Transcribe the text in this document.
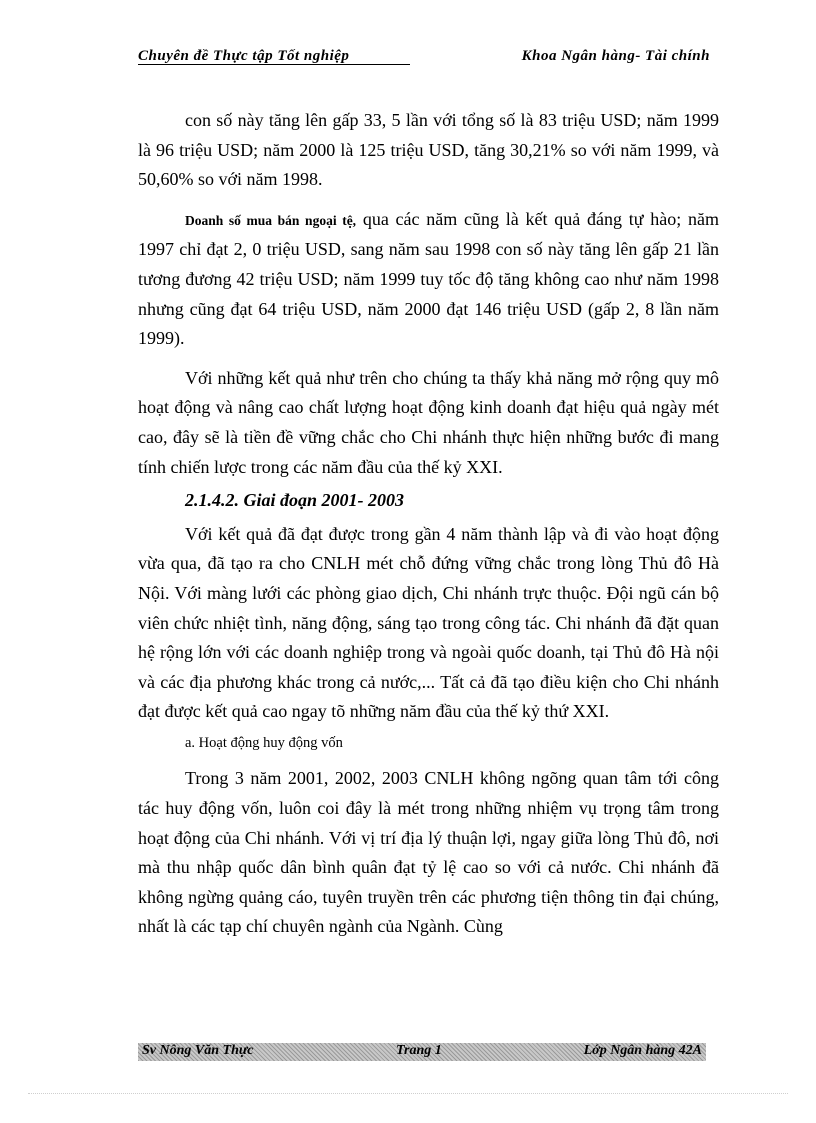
Chuyên đề Thực tập Tốt nghiệp	Khoa Ngân hàng- Tài chính

con số này tăng lên gấp 33, 5 lần với tổng số là 83 triệu USD; năm 1999 là 96 triệu USD; năm 2000 là 125 triệu USD, tăng 30,21% so với năm 1999, và 50,60% so với năm 1998.

Doanh số mua bán ngoại tệ, qua các năm cũng là kết quả đáng tự hào; năm 1997 chỉ đạt 2, 0 triệu USD, sang năm sau 1998 con số này tăng lên gấp 21 lần tương đương 42 triệu USD; năm 1999 tuy tốc độ tăng không cao như năm 1998 nhưng cũng đạt 64 triệu USD, năm 2000 đạt 146 triệu USD (gấp 2, 8 lần năm 1999).

Với những kết quả như trên cho chúng ta thấy khả năng mở rộng quy mô hoạt động và nâng cao chất lượng hoạt động kinh doanh đạt hiệu quả ngày mét cao, đây sẽ là tiền đề vững chắc cho Chi nhánh thực hiện những bước đi mang tính chiến lược trong các năm đầu của thế kỷ XXI.

2.1.4.2. Giai đoạn 2001- 2003

Với kết quả đã đạt được trong gần 4 năm thành lập và đi vào hoạt động vừa qua, đã tạo ra cho CNLH mét chỗ đứng vững chắc trong lòng Thủ đô Hà Nội. Với màng lưới các phòng giao dịch, Chi nhánh trực thuộc. Đội ngũ cán bộ viên chức nhiệt tình, năng động, sáng tạo trong công tác. Chi nhánh đã đặt quan hệ rộng lớn với các doanh nghiệp trong và ngoài quốc doanh, tại Thủ đô Hà nội và các địa phương khác trong cả nước,... Tất cả đã tạo điều kiện cho Chi nhánh đạt được kết quả cao ngay tõ những năm đầu của thế kỷ thứ XXI.

a. Hoạt động huy động vốn

Trong 3 năm 2001, 2002, 2003 CNLH không ngõng quan tâm tới công tác huy động vốn, luôn coi đây là mét trong những nhiệm vụ trọng tâm trong hoạt động của Chi nhánh. Với vị trí địa lý thuận lợi, ngay giữa lòng Thủ đô, nơi mà thu nhập quốc dân bình quân đạt tỷ lệ cao so với cả nước. Chi nhánh đã không ngừng quảng cáo, tuyên truyền trên các phương tiện thông tin đại chúng, nhất là các tạp chí chuyên ngành của Ngành. Cùng

Sv Nông Văn Thực	Trang 1	Lớp Ngân hàng 42A
